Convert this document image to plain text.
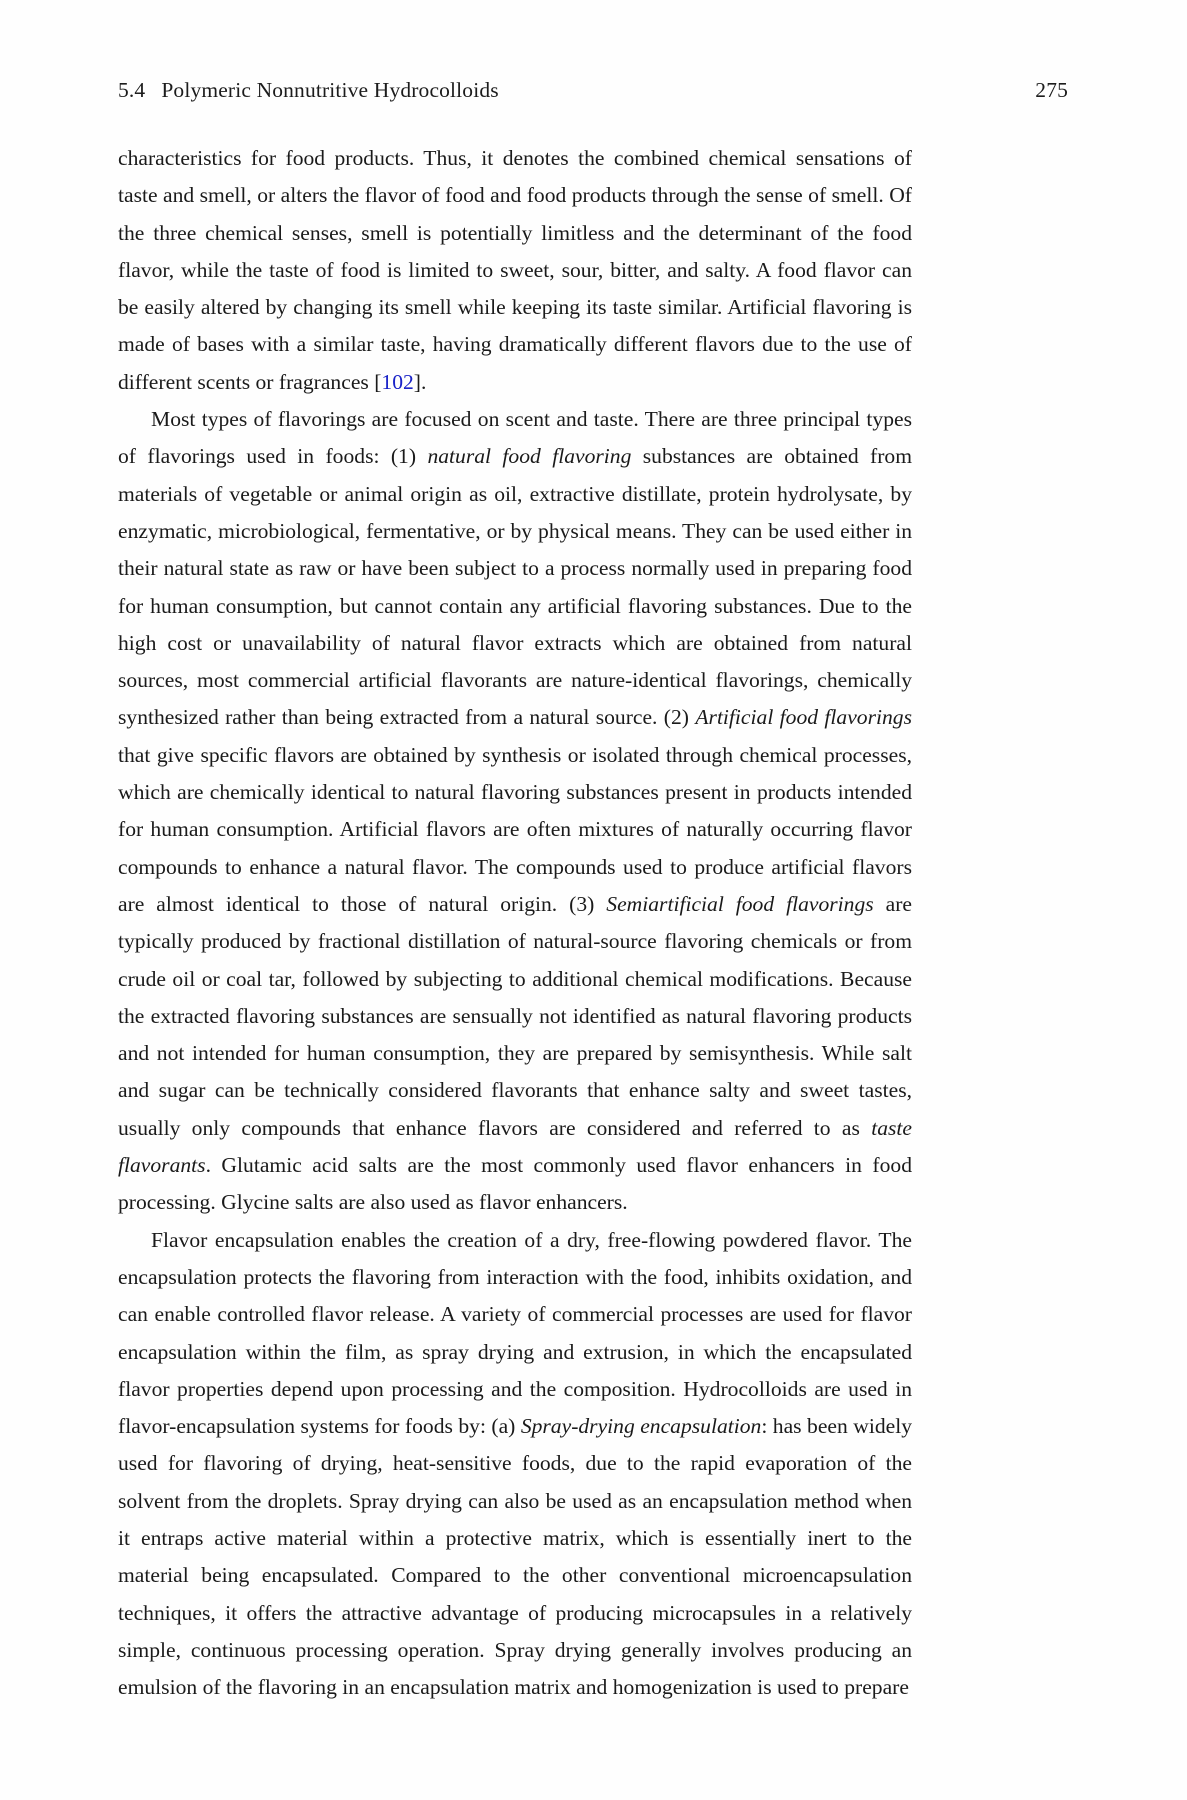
5.4 Polymeric Nonnutritive Hydrocolloids	275

characteristics for food products. Thus, it denotes the combined chemical sensations of taste and smell, or alters the flavor of food and food products through the sense of smell. Of the three chemical senses, smell is potentially limitless and the determinant of the food flavor, while the taste of food is limited to sweet, sour, bitter, and salty. A food flavor can be easily altered by changing its smell while keeping its taste similar. Artificial flavoring is made of bases with a similar taste, having dramatically different flavors due to the use of different scents or fragrances [102].

Most types of flavorings are focused on scent and taste. There are three principal types of flavorings used in foods: (1) natural food flavoring substances are obtained from materials of vegetable or animal origin as oil, extractive distillate, protein hydrolysate, by enzymatic, microbiological, fermentative, or by physical means. They can be used either in their natural state as raw or have been subject to a process normally used in preparing food for human consumption, but cannot contain any artificial flavoring substances. Due to the high cost or unavailability of natural flavor extracts which are obtained from natural sources, most commercial artificial flavorants are nature-identical flavorings, chemically synthesized rather than being extracted from a natural source. (2) Artificial food flavorings that give specific flavors are obtained by synthesis or isolated through chemical processes, which are chemically identical to natural flavoring substances present in products intended for human consumption. Artificial flavors are often mixtures of naturally occurring flavor compounds to enhance a natural flavor. The compounds used to produce artificial flavors are almost identical to those of natural origin. (3) Semiartificial food flavorings are typically produced by fractional distillation of natural-source flavoring chemicals or from crude oil or coal tar, followed by subjecting to additional chemical modifications. Because the extracted flavoring substances are sensually not identified as natural flavoring products and not intended for human consumption, they are prepared by semisynthesis. While salt and sugar can be technically considered flavorants that enhance salty and sweet tastes, usually only compounds that enhance flavors are considered and referred to as taste flavorants. Glutamic acid salts are the most commonly used flavor enhancers in food processing. Glycine salts are also used as flavor enhancers.

Flavor encapsulation enables the creation of a dry, free-flowing powdered flavor. The encapsulation protects the flavoring from interaction with the food, inhibits oxidation, and can enable controlled flavor release. A variety of commercial processes are used for flavor encapsulation within the film, as spray drying and extrusion, in which the encapsulated flavor properties depend upon processing and the composition. Hydrocolloids are used in flavor-encapsulation systems for foods by: (a) Spray-drying encapsulation: has been widely used for flavoring of drying, heat-sensitive foods, due to the rapid evaporation of the solvent from the droplets. Spray drying can also be used as an encapsulation method when it entraps active material within a protective matrix, which is essentially inert to the material being encapsulated. Compared to the other conventional microencapsulation techniques, it offers the attractive advantage of producing microcapsules in a relatively simple, continuous processing operation. Spray drying generally involves producing an emulsion of the flavoring in an encapsulation matrix and homogenization is used to prepare
